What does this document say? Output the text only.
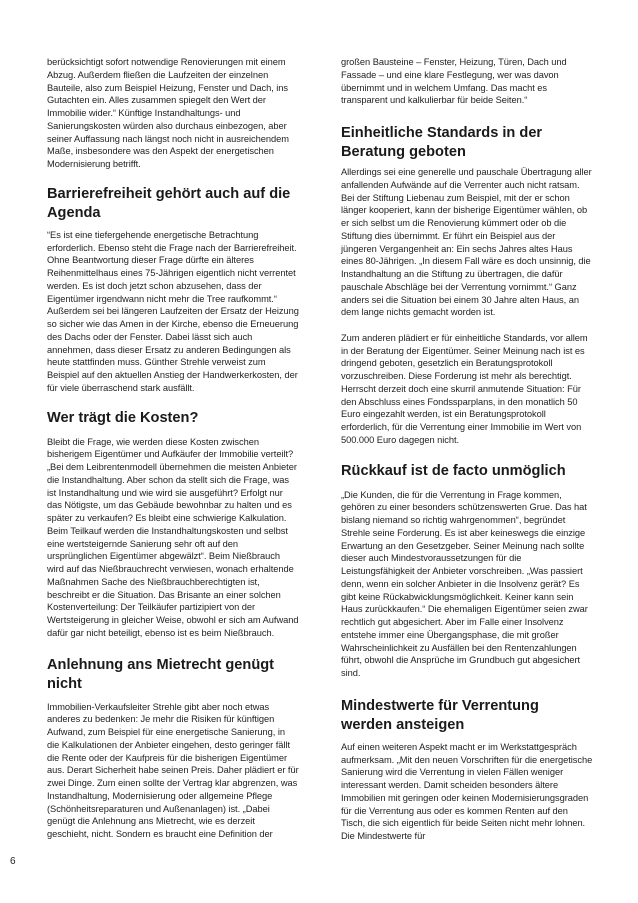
berücksichtigt sofort notwendige Renovierungen mit einem Abzug. Außerdem fließen die Laufzeiten der einzelnen Bauteile, also zum Beispiel Heizung, Fenster und Dach, ins Gutachten ein. Alles zusammen spiegelt den Wert der Immobilie wider.“ Künftige Instandhaltungs- und Sanierungskosten würden also durchaus einbezogen, aber seiner Auffassung nach längst noch nicht in ausreichendem Maße, insbesondere was den Aspekt der energetischen Modernisierung betrifft.

Barrierefreiheit gehört auch auf die Agenda

“Es ist eine tiefergehende energetische Betrachtung erforderlich. Ebenso steht die Frage nach der Barrierefreiheit. Ohne Beantwortung dieser Frage dürfte ein älteres Reihenmittelhaus eines 75-Jährigen eigentlich nicht verrentet werden. Es ist doch jetzt schon abzusehen, dass der Eigentümer irgendwann nicht mehr die Tree raufkommt.“ Außerdem sei bei längeren Laufzeiten der Ersatz der Heizung so sicher wie das Amen in der Kirche, ebenso die Erneuerung des Dachs oder der Fenster. Dabei lässt sich auch annehmen, dass dieser Ersatz zu anderen Bedingungen als heute stattfinden muss. Günther Strehle verweist zum Beispiel auf den aktuellen Anstieg der Handwerkerkosten, der für viele überraschend stark ausfällt.

Wer trägt die Kosten?

Bleibt die Frage, wie werden diese Kosten zwischen bisherigem Eigentümer und Aufkäufer der Immobilie verteilt? „Bei dem Leibrentenmodell übernehmen die meisten Anbieter die Instandhaltung. Aber schon da stellt sich die Frage, was ist Instandhaltung und wie wird sie ausgeführt? Erfolgt nur das Nötigste, um das Gebäude bewohnbar zu halten und es später zu verkaufen? Es bleibt eine schwierige Kalkulation. Beim Teilkauf werden die Instandhaltungskosten und selbst eine wertsteigernde Sanierung sehr oft auf den ursprünglichen Eigentümer abgewälzt“. Beim Nießbrauch wird auf das Nießbrauchrecht verwiesen, wonach erhaltende Maßnahmen Sache des Nießbrauchberechtigten ist, beschreibt er die Situation. Das Brisante an einer solchen Kostenverteilung: Der Teilkäufer partizipiert von der Wertsteigerung in gleicher Weise, obwohl er sich am Aufwand dafür gar nicht beteiligt, ebenso ist es beim Nießbrauch.

Anlehnung ans Mietrecht genügt nicht

Immobilien-Verkaufsleiter Strehle gibt aber noch etwas anderes zu bedenken: Je mehr die Risiken für künftigen Aufwand, zum Beispiel für eine energetische Sanierung, in die Kalkulationen der Anbieter eingehen, desto geringer fällt die Rente oder der Kaufpreis für die bisherigen Eigentümer aus. Derart Sicherheit habe seinen Preis. Daher plädiert er für zwei Dinge. Zum einen sollte der Vertrag klar abgrenzen, was Instandhaltung, Modernisierung oder allgemeine Pflege (Schönheitsreparaturen und Außenanlagen) ist. „Dabei genügt die Anlehnung ans Mietrecht, wie es derzeit geschieht, nicht. Sondern es braucht eine Definition der

großen Bausteine – Fenster, Heizung, Türen, Dach und Fassade – und eine klare Festlegung, wer was davon übernimmt und in welchem Umfang. Das macht es transparent und kalkulierbar für beide Seiten.“

Einheitliche Standards in der Beratung geboten

Allerdings sei eine generelle und pauschale Übertragung aller anfallenden Aufwände auf die Verrenter auch nicht ratsam. Bei der Stiftung Liebenau zum Beispiel, mit der er schon länger kooperiert, kann der bisherige Eigentümer wählen, ob er sich selbst um die Renovierung kümmert oder ob die Stiftung dies übernimmt. Er führt ein Beispiel aus der jüngeren Vergangenheit an: Ein sechs Jahres altes Haus eines 80-Jährigen. „In diesem Fall wäre es doch unsinnig, die Instandhaltung an die Stiftung zu übertragen, die dafür pauschale Abschläge bei der Verrentung vornimmt.“ Ganz anders sei die Situation bei einem 30 Jahre alten Haus, an dem lange nichts gemacht worden ist.

Zum anderen plädiert er für einheitliche Standards, vor allem in der Beratung der Eigentümer. Seiner Meinung nach ist es dringend geboten, gesetzlich ein Beratungsprotokoll vorzuschreiben. Diese Forderung ist mehr als berechtigt. Herrscht derzeit doch eine skurril anmutende Situation: Für den Abschluss eines Fondssparplans, in den monatlich 50 Euro eingezahlt werden, ist ein Beratungsprotokoll erforderlich, für die Verrentung einer Immobilie im Wert von 500.000 Euro dagegen nicht.

Rückkauf ist de facto unmöglich

„Die Kunden, die für die Verrentung in Frage kommen, gehören zu einer besonders schützenswerten Grue. Das hat bislang niemand so richtig wahrgenommen“, begründet Strehle seine Forderung. Es ist aber keineswegs die einzige Erwartung an den Gesetzgeber. Seiner Meinung nach sollte dieser auch Mindestvoraussetzungen für die Leistungsfähigkeit der Anbieter vorschreiben. „Was passiert denn, wenn ein solcher Anbieter in die Insolvenz gerät? Es gibt keine Rückabwicklungsmöglichkeit. Keiner kann sein Haus zurückkaufen.“ Die ehemaligen Eigentümer seien zwar rechtlich gut abgesichert. Aber im Falle einer Insolvenz entstehe immer eine Übergangsphase, die mit großer Wahrscheinlichkeit zu Ausfällen bei den Rentenzahlungen führt, obwohl die Ansprüche im Grundbuch gut abgesichert sind.

Mindestwerte für Verrentung werden ansteigen

Auf einen weiteren Aspekt macht er im Werkstattgespräch aufmerksam. „Mit den neuen Vorschriften für die energetische Sanierung wird die Verrentung in vielen Fällen weniger interessant werden. Damit scheiden besonders ältere Immobilien mit geringen oder keinen Modernisierungsgraden für die Verrentung aus oder es kommen Renten auf den Tisch, die sich eigentlich für beide Seiten nicht mehr lohnen. Die Mindestwerte für

6
